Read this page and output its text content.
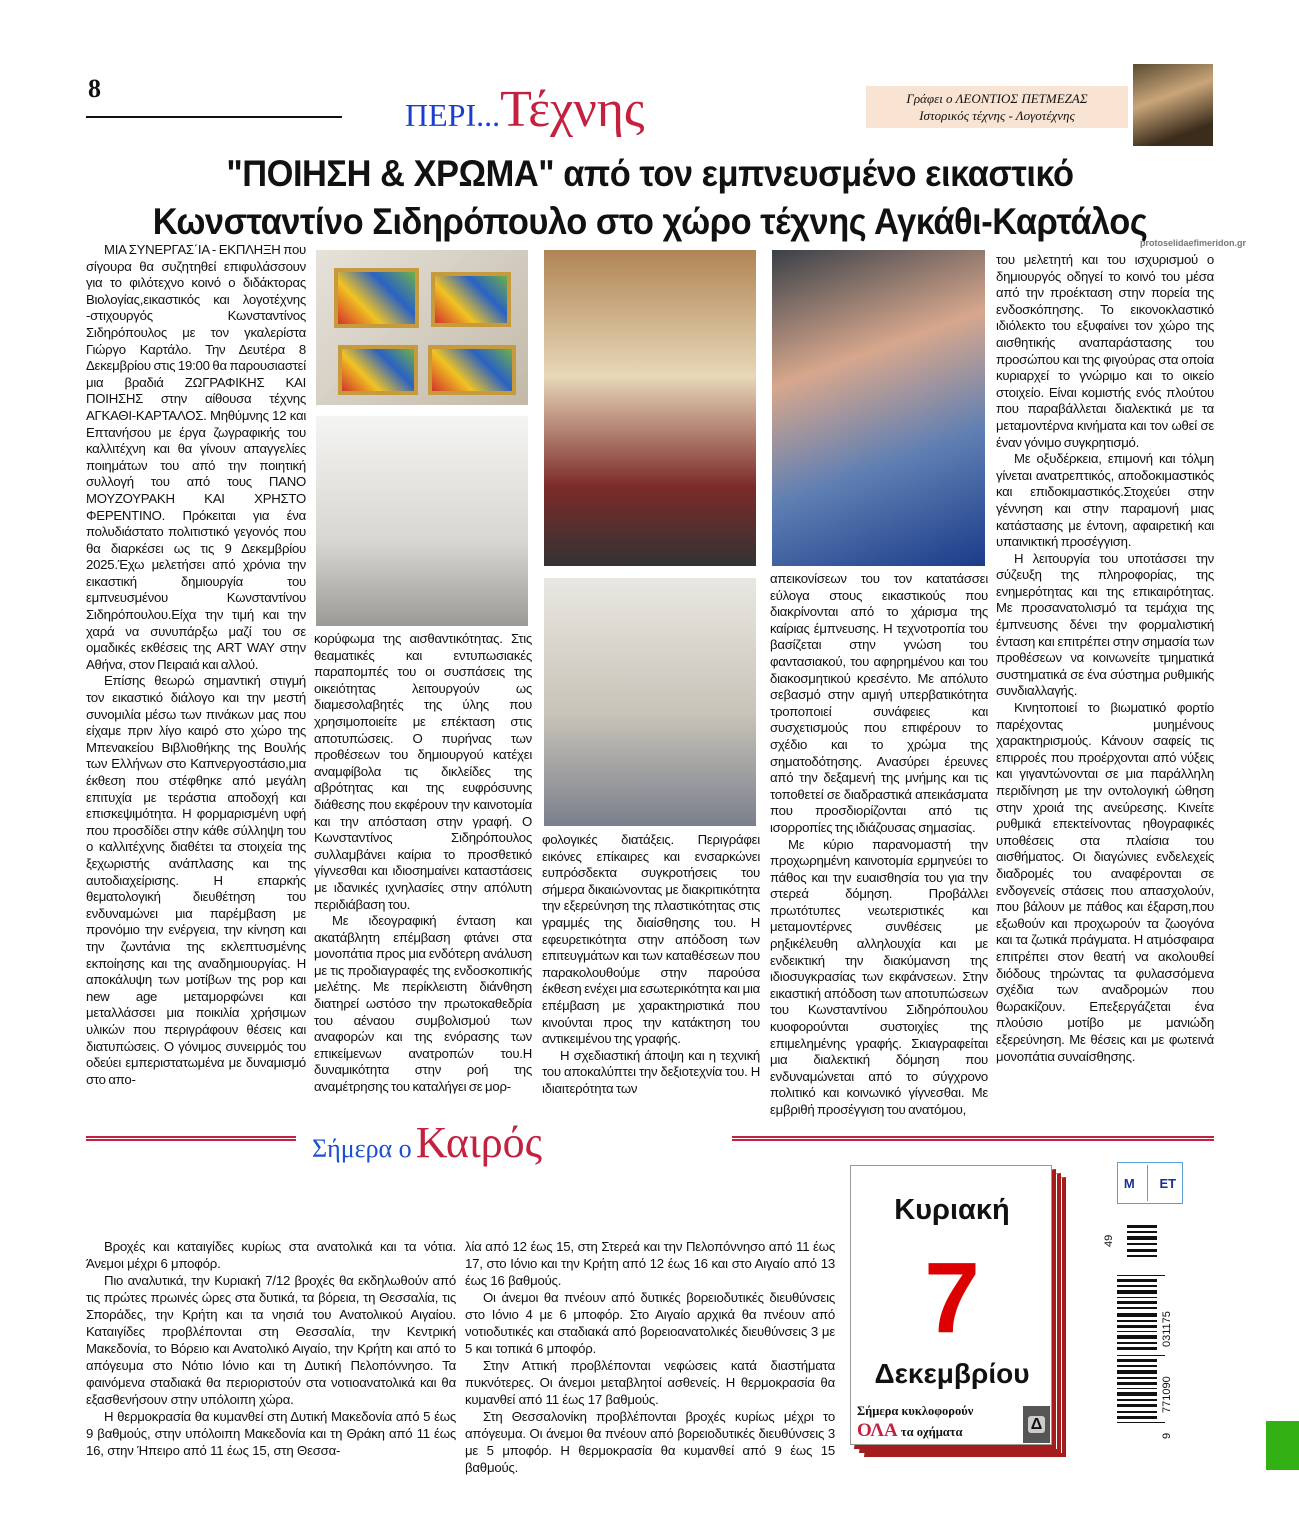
8
ΠΕΡΙ...Τέχνης	Γράφει ο ΛΕΟΝΤΙΟΣ ΠΕΤΜΕΖΑΣ
Ιστορικός τέχνης - Λογοτέχνης
"ΠΟΙΗΣΗ & ΧΡΩΜΑ" από τον εμπνευσμένο εικαστικό
Κωνσταντίνο Σιδηρόπουλο στο χώρο τέχνης Αγκάθι-Καρτάλος
protoselidaefimeridon.gr

ΜΙΑ ΣΥΝΕΡΓΑΣ΄ΙΑ - ΕΚΠΛΗΞΗ που σίγουρα θα συζητηθεί επιφυλάσσουν για το φιλότεχνο κοινό ο διδάκτορας Βιολογίας,εικαστικός και λογοτέχνης -στιχουργός Κωνσταντίνος Σιδηρόπουλος με τον γκαλερίστα Γιώργο Καρτάλο. Την Δευτέρα 8 Δεκεμβρίου στις 19:00 θα παρουσιαστεί μια βραδιά ΖΩΓΡΑΦΙΚΗΣ ΚΑΙ ΠΟΙΗΣΗΣ στην αίθουσα τέχνης ΑΓΚΑΘΙ-ΚΑΡΤΑΛΟΣ. Μηθύμνης 12 και Επτανήσου με έργα ζωγραφικής του καλλιτέχνη και θα γίνουν απαγγελίες ποιημάτων του από την ποιητική συλλογή του από τους ΠΑΝΟ ΜΟΥΖΟΥΡΑΚΗ ΚΑΙ ΧΡΗΣΤΟ ΦΕΡΕΝΤΙΝΟ. Πρόκειται για ένα πολυδιάστατο πολιτιστικό γεγονός που θα διαρκέσει ως τις 9 Δεκεμβρίου 2025.Έχω μελετήσει από χρόνια την εικαστική δημιουργία του εμπνευσμένου Κωνσταντίνου Σιδηρόπουλου.Είχα την τιμή και την χαρά να συνυπάρξω μαζί του σε ομαδικές εκθέσεις της ART WAY στην Αθήνα, στον Πειραιά και αλλού.

Επίσης θεωρώ σημαντική στιγμή τον εικαστικό διάλογο και την μεστή συνομιλία μέσω των πινάκων μας που είχαμε πριν λίγο καιρό στο χώρο της Μπενακείου Βιβλιοθήκης της Βουλής των Ελλήνων στο Καπνεργοστάσιο,μια έκθεση που στέφθηκε από μεγάλη επιτυχία με τεράστια αποδοχή και επισκεψιμότητα. Η φορμαρισμένη υφή που προσδίδει στην κάθε σύλληψη του ο καλλιτέχνης διαθέτει τα στοιχεία της ξεχωριστής ανάπλασης και της αυτοδιαχείρισης. Η επαρκής θεματολογική διευθέτηση του ενδυναμώνει μια παρέμβαση με προνόμιο την ενέργεια, την κίνηση και την ζωντάνια της εκλεπτυσμένης εκποίησης και της αναδημιουργίας. Η αποκάλυψη των μοτίβων της pop και new age μεταμορφώνει και μεταλλάσσει μια ποικιλία χρήσιμων υλικών που περιγράφουν θέσεις και διατυπώσεις. Ο γόνιμος συνειρμός του οδεύει εμπεριστατωμένα με δυναμισμό στο απο-

κορύφωμα της αισθαντικότητας. Στις θεαματικές και εντυπωσιακές παραπομπές του οι συσπάσεις της οικειότητας λειτουργούν ως διαμεσολαβητές της ύλης που χρησιμοποιείτε με επέκταση στις αποτυπώσεις. Ο πυρήνας των προθέσεων του δημιουργού κατέχει αναμφίβολα τις δικλείδες της αβρότητας και της ευφρόσυνης διάθεσης που εκφέρουν την καινοτομία και την απόσταση στην γραφή. Ο Κωνσταντίνος Σιδηρόπουλος συλλαμβάνει καίρια το προσθετικό γίγνεσθαι και ιδιοσημαίνει καταστάσεις με ιδανικές ιχνηλασίες στην απόλυτη περιδιάβαση του.

Με ιδεογραφική ένταση και ακατάβλητη επέμβαση φτάνει στα μονοπάτια προς μια ενδότερη ανάλυση με τις προδιαγραφές της ενδοσκοπικής μελέτης. Με περίκλειστη διάνθηση διατηρεί ωστόσο την πρωτοκαθεδρία του αέναου συμβολισμού των αναφορών και της ενόρασης των επικείμενων ανατροπών του.Η δυναμικότητα στην ροή της αναμέτρησης του καταλήγει σε μορ-

φολογικές διατάξεις. Περιγράφει εικόνες επίκαιρες και ενσαρκώνει ευπρόσδεκτα συγκροτήσεις του σήμερα δικαιώνοντας με διακριτικότητα την εξερεύνηση της πλαστικότητας στις γραμμές της διαίσθησης του. Η εφευρετικότητα στην απόδοση των επιτευγμάτων και των καταθέσεων που παρακολουθούμε στην παρούσα έκθεση ενέχει μια εσωτερικότητα και μια επέμβαση με χαρακτηριστικά που κινούνται προς την κατάκτηση του αντικειμένου της γραφής.

Η σχεδιαστική άποψη και η τεχνική του αποκαλύπτει την δεξιοτεχνία του. Η ιδιαιτερότητα των

απεικονίσεων του τον κατατάσσει εύλογα στους εικαστικούς που διακρίνονται από το χάρισμα της καίριας έμπνευσης. Η τεχνοτροπία του βασίζεται στην γνώση του φαντασιακού, του αφηρημένου και του διακοσμητικού κρεσέντο. Με απόλυτο σεβασμό στην αμιγή υπερβατικότητα τροποποιεί συνάφειες και συσχετισμούς που επιφέρουν το σχέδιο και το χρώμα της σηματοδότησης. Ανασύρει έρευνες από την δεξαμενή της μνήμης και τις τοποθετεί σε διαδραστικά απεικάσματα που προσδιορίζονται από τις ισορροπίες της ιδιάζουσας σημασίας.

Με κύριο παρανομαστή την προχωρημένη καινοτομία ερμηνεύει το πάθος και την ευαισθησία του για την στερεά δόμηση. Προβάλλει πρωτότυπες νεωτεριστικές και μεταμοντέρνες συνθέσεις με ρηξικέλευθη αλληλουχία και με ενδεικτική την διακύμανση της ιδιοσυγκρασίας των εκφάνσεων. Στην εικαστική απόδοση των αποτυπώσεων του Κωνσταντίνου Σιδηρόπουλου κυοφορούνται συστοιχίες της επιμελημένης γραφής. Σκιαγραφείται μια διαλεκτική δόμηση που ενδυναμώνεται από το σύγχρονο πολιτικό και κοινωνικό γίγνεσθαι. Με εμβριθή προσέγγιση του ανατόμου,

του μελετητή και του ισχυρισμού ο δημιουργός οδηγεί το κοινό του μέσα από την προέκταση στην πορεία της ενδοσκόπησης. Το εικονοκλαστικό ιδιόλεκτο του εξυφαίνει τον χώρο της αισθητικής αναπαράστασης του προσώπου και της φιγούρας στα οποία κυριαρχεί το γνώριμο και το οικείο στοιχείο. Είναι κομιστής ενός πλούτου που παραβάλλεται διαλεκτικά με τα μεταμοντέρνα κινήματα και τον ωθεί σε έναν γόνιμο συγκρητισμό.

Με οξυδέρκεια, επιμονή και τόλμη γίνεται ανατρεπτικός, αποδοκιμαστικός και επιδοκιμαστικός.Στοχεύει στην γέννηση και στην παραμονή μιας κατάστασης με έντονη, αφαιρετική και υπαινικτική προσέγγιση.

Η λειτουργία του υποτάσσει την σύζευξη της πληροφορίας, της ενημερότητας και της επικαιρότητας. Με προσανατολισμό τα τεμάχια της έμπνευσης δένει την φορμαλιστική ένταση και επιτρέπει στην σημασία των προθέσεων να κοινωνείτε τμηματικά συστηματικά σε ένα σύστημα ρυθμικής συνδιαλλαγής.

Κινητοποιεί το βιωματικό φορτίο παρέχοντας μυημένους χαρακτηρισμούς. Κάνουν σαφείς τις επιρροές που προέρχονται από νύξεις και γιγαντώνονται σε μια παράλληλη περιδίνηση με την οντολογική ώθηση στην χροιά της ανεύρεσης. Κινείτε ρυθμικά επεκτείνοντας ηθογραφικές υποθέσεις στα πλαίσια του αισθήματος. Οι διαγώνιες ενδελεχείς διαδρομές του αναφέρονται σε ενδογενείς στάσεις που απασχολούν, που βάλουν με πάθος και έξαρση,που εξωθούν και προχωρούν τα ζωογόνα και τα ζωτικά πράγματα. Η ατμόσφαιρα επιτρέπει στον θεατή να ακολουθεί διόδους τηρώντας τα φυλασσόμενα σχέδια των αναδρομών που θωρακίζουν. Επεξεργάζεται ένα πλούσιο μοτίβο με μανιώδη εξερεύνηση. Με θέσεις και με φωτεινά μονοπάτια συναίσθησης.

Σήμερα ο Καιρός

Βροχές και καταιγίδες κυρίως στα ανατολικά και τα νότια. Άνεμοι μέχρι 6 μποφόρ.

Πιο αναλυτικά, την Κυριακή 7/12 βροχές θα εκδηλωθούν από τις πρώτες πρωινές ώρες στα δυτικά, τα βόρεια, τη Θεσσαλία, τις Σποράδες, την Κρήτη και τα νησιά του Ανατολικού Αιγαίου. Καταιγίδες προβλέπονται στη Θεσσαλία, την Κεντρική Μακεδονία, το Βόρειο και Ανατολικό Αιγαίο, την Κρήτη και από το απόγευμα στο Νότιο Ιόνιο και τη Δυτική Πελοπόννησο. Τα φαινόμενα σταδιακά θα περιοριστούν στα νοτιοανατολικά και θα εξασθενήσουν στην υπόλοιπη χώρα.

Η θερμοκρασία θα κυμανθεί στη Δυτική Μακεδονία από 5 έως 9 βαθμούς, στην υπόλοιπη Μακεδονία και τη Θράκη από 11 έως 16, στην Ήπειρο από 11 έως 15, στη Θεσσα-

λία από 12 έως 15, στη Στερεά και την Πελοπόννησο από 11 έως 17, στο Ιόνιο και την Κρήτη από 12 έως 16 και στο Αιγαίο από 13 έως 16 βαθμούς.

Οι άνεμοι θα πνέουν από δυτικές βορειοδυτικές διευθύνσεις στο Ιόνιο 4 με 6 μποφόρ. Στο Αιγαίο αρχικά θα πνέουν από νοτιοδυτικές και σταδιακά από βορειοανατολικές διευθύνσεις 3 με 5 και τοπικά 6 μποφόρ.

Στην Αττική προβλέπονται νεφώσεις κατά διαστήματα πυκνότερες. Οι άνεμοι μεταβλητοί ασθενείς. Η θερμοκρασία θα κυμανθεί από 11 έως 17 βαθμούς.

Στη Θεσσαλονίκη προβλέπονται βροχές κυρίως μέχρι το απόγευμα. Οι άνεμοι θα πνέουν από βορειοδυτικές διευθύνσεις 3 με 5 μποφόρ. Η θερμοκρασία θα κυμανθεί από 9 έως 15 βαθμούς.

Κυριακή
7
Δεκεμβρίου
Σήμερα κυκλοφορούν
ΟΛΑ τα οχήματα	Δ
M ET
49
031175
771090
9
